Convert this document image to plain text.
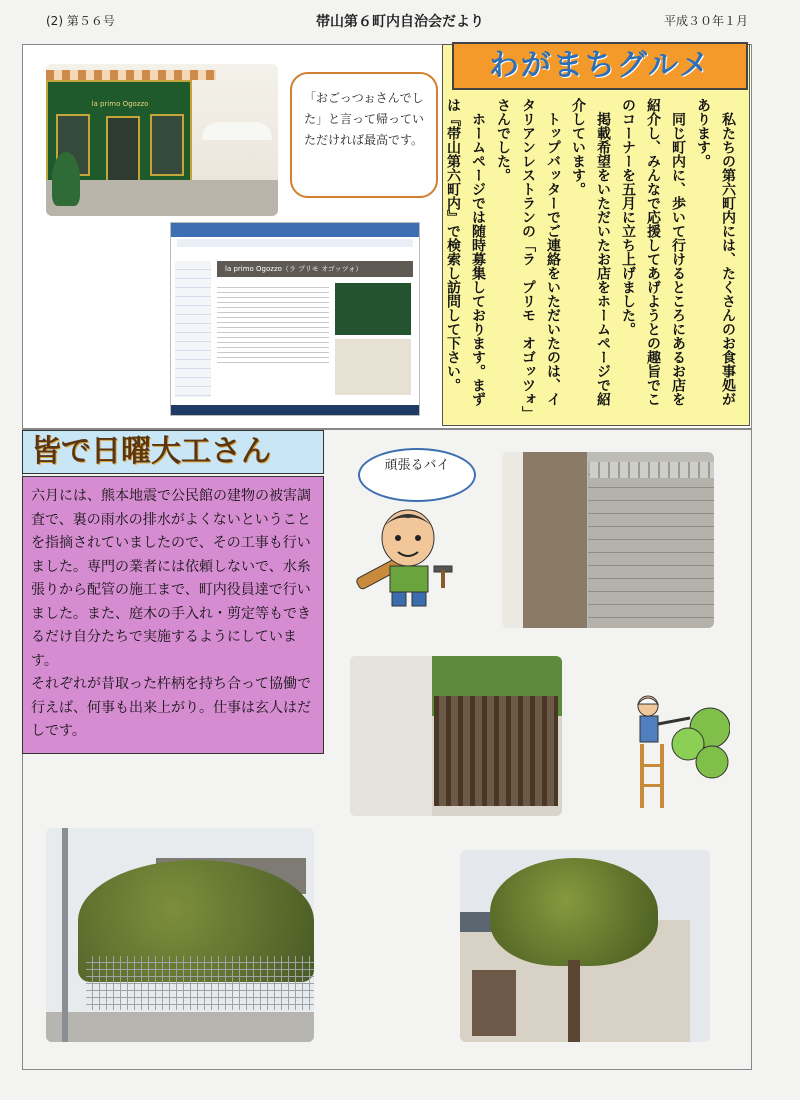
(2) 第５６号	帯山第６町内自治会だより	平成３０年１月
la primo Ogozzo	「おごっつぉさんでした」と言って帰っていただければ最高です。
la primo Ogozzo（ラ プリモ オゴッツォ）
わがまちグルメ

私たちの第六町内には、たくさんのお食事処があります。

同じ町内に、歩いて行けるところにあるお店を紹介し、みんなで応援してあげようとの趣旨でこのコーナーを五月に立ち上げました。

掲載希望をいただいたお店をホームページで紹介しています。

トップバッターでご連絡をいただいたのは、イタリアンレストランの「ラ　プリモ　オゴッツォ」さんでした。

ホームページでは随時募集しております。まずは『帯山第六町内』で検索し訪問して下さい。

皆で日曜大工さん

六月には、熊本地震で公民館の建物の被害調査で、裏の雨水の排水がよくないということを指摘されていましたので、その工事も行いました。専門の業者には依頼しないで、水糸張りから配管の施工まで、町内役員達で行いました。また、庭木の手入れ・剪定等もできるだけ自分たちで実施するようにしています。

それぞれが昔取った杵柄を持ち合って協働で行えば、何事も出来上がり。仕事は玄人はだしです。

頑張るバイ
